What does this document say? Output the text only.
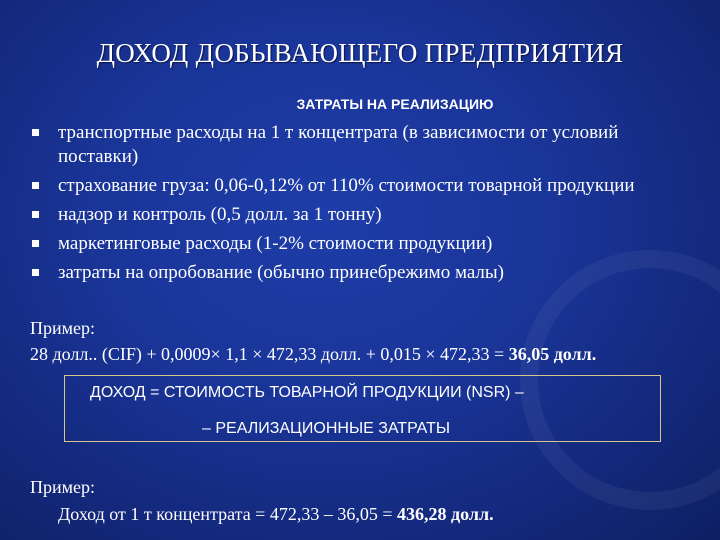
ДОХОД ДОБЫВАЮЩЕГО ПРЕДПРИЯТИЯ
ЗАТРАТЫ НА РЕАЛИЗАЦИЮ
транспортные расходы на 1 т концентрата (в зависимости от условий поставки)
страхование груза: 0,06-0,12% от 110% стоимости товарной продукции
надзор и контроль (0,5 долл. за 1 тонну)
маркетинговые расходы (1-2% стоимости продукции)
затраты на опробование (обычно принебрежимо малы)
Пример:
28 долл.. (CIF) + 0,0009× 1,1 × 472,33 долл. + 0,015 × 472,33 = 36,05 долл.
ДОХОД = СТОИМОСТЬ ТОВАРНОЙ ПРОДУКЦИИ (NSR) –
– РЕАЛИЗАЦИОННЫЕ ЗАТРАТЫ
Пример:
Доход от 1 т концентрата = 472,33 – 36,05 = 436,28 долл.
